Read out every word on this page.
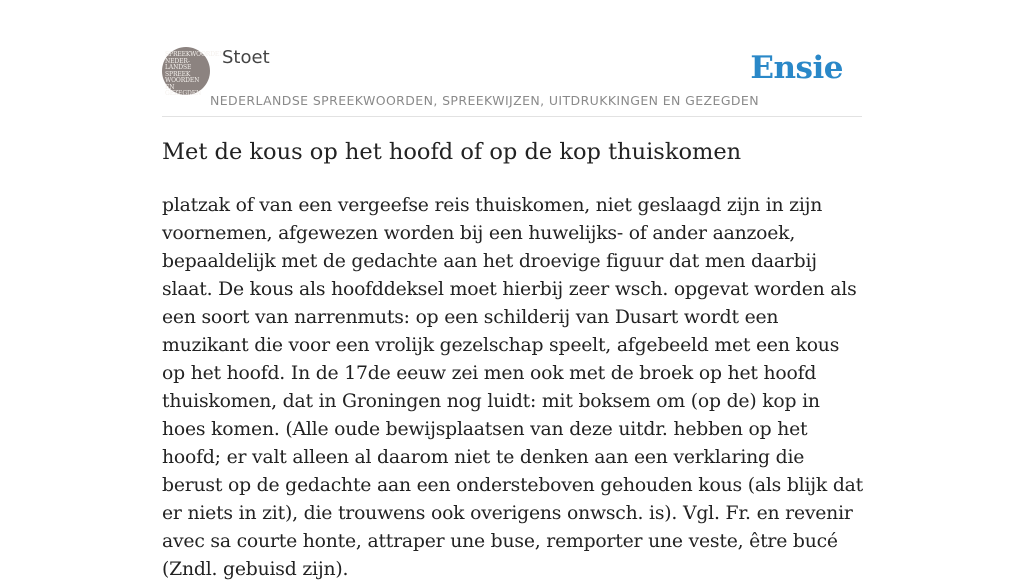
SPREEKWOORDEN
NEDER-
LANDSE
SPREEK
WOORDEN EN
GEZEGDEN

Stoet

NEDERLANDSE SPREEKWOORDEN, SPREEKWIJZEN, UITDRUKKINGEN EN GEZEGDEN

Ensie

Met de kous op het hoofd of op de kop thuiskomen

platzak of van een vergeefse reis thuiskomen, niet geslaagd zijn in zijn voornemen, afgewezen worden bij een huwelijks- of ander aanzoek, bepaaldelijk met de gedachte aan het droevige figuur dat men daarbij slaat. De kous als hoofddeksel moet hierbij zeer wsch. opgevat worden als een soort van narrenmuts: op een schilderij van Dusart wordt een muzikant die voor een vrolijk gezelschap speelt, afgebeeld met een kous op het hoofd. In de 17de eeuw zei men ook met de broek op het hoofd thuiskomen, dat in Groningen nog luidt: mit boksem om (op de) kop in hoes komen. (Alle oude bewijsplaatsen van deze uitdr. hebben op het hoofd; er valt alleen al daarom niet te denken aan een verklaring die berust op de gedachte aan een ondersteboven gehouden kous (als blijk dat er niets in zit), die trouwens ook overigens onwsch. is). Vgl. Fr. en revenir avec sa courte honte, attraper une buse, remporter une veste, être bucé (Zndl. gebuisd zijn).
